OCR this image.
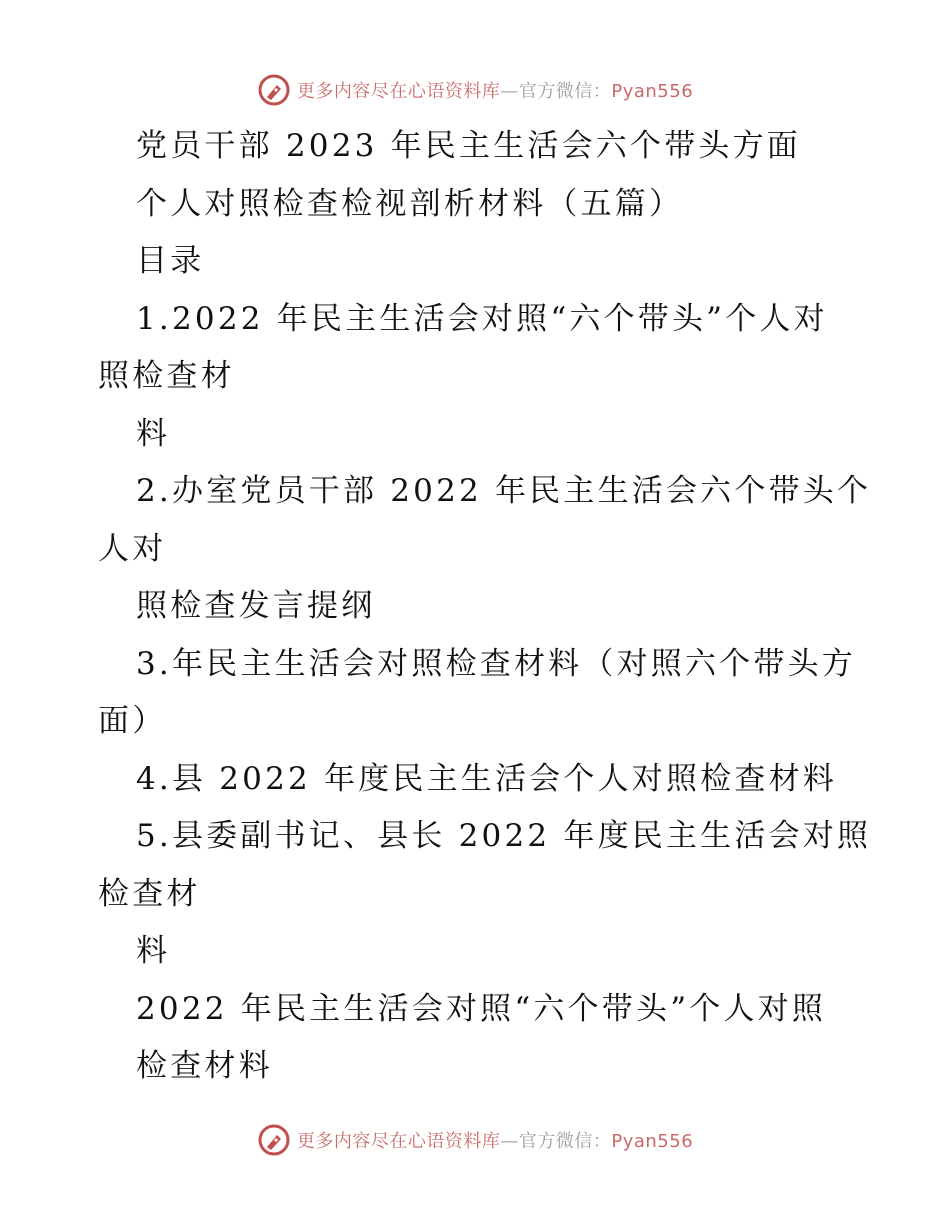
更多内容尽在心语资料库—官方微信：Pyan556
党员干部 2023 年民主生活会六个带头方面
个人对照检查检视剖析材料（五篇）
目录
1.2022 年民主生活会对照“六个带头”个人对
照检查材
料
2.办室党员干部 2022 年民主生活会六个带头个
人对
照检查发言提纲
3.年民主生活会对照检查材料（对照六个带头方
面）
4.县 2022 年度民主生活会个人对照检查材料
5.县委副书记、县长 2022 年度民主生活会对照
检查材
料
2022 年民主生活会对照“六个带头”个人对照
检查材料
更多内容尽在心语资料库—官方微信：Pyan556
